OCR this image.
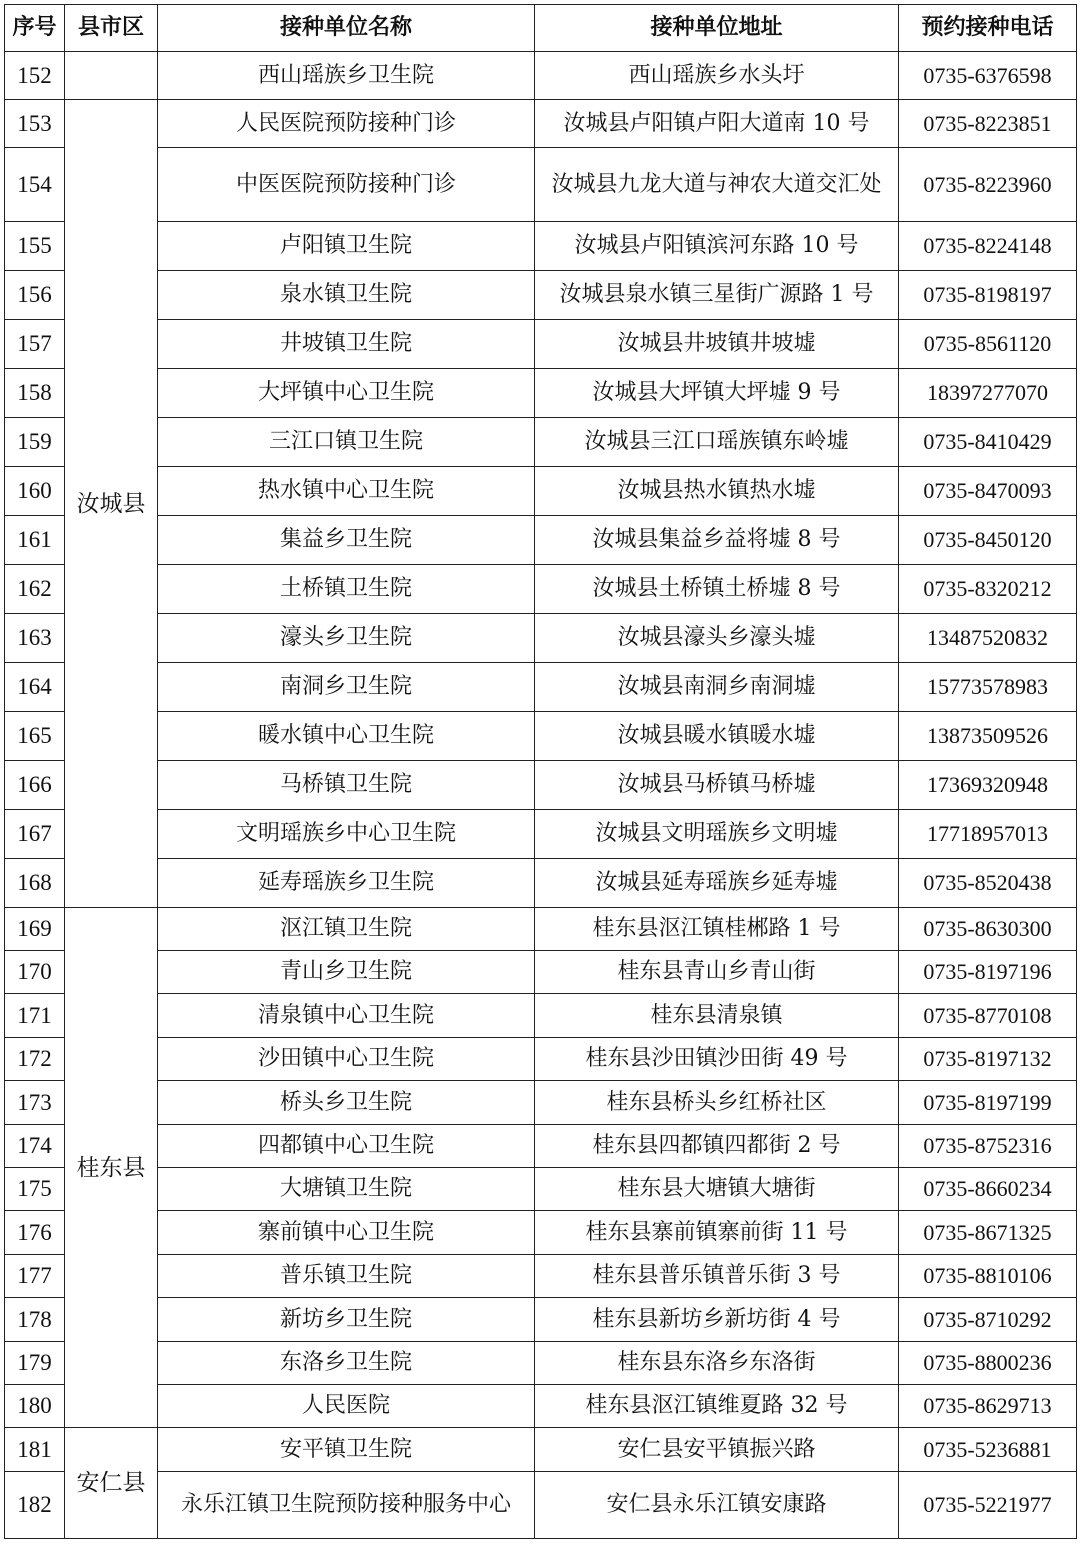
序号	县市区	接种单位名称	接种单位地址	预约接种电话
152		西山瑶族乡卫生院	西山瑶族乡水头圩	0735-6376598
153	汝城县	人民医院预防接种门诊	汝城县卢阳镇卢阳大道南 10 号	0735-8223851
154		中医医院预防接种门诊	汝城县九龙大道与神农大道交汇处	0735-8223960
155		卢阳镇卫生院	汝城县卢阳镇滨河东路 10 号	0735-8224148
156		泉水镇卫生院	汝城县泉水镇三星街广源路 1 号	0735-8198197
157		井坡镇卫生院	汝城县井坡镇井坡墟	0735-8561120
158		大坪镇中心卫生院	汝城县大坪镇大坪墟 9 号	18397277070
159		三江口镇卫生院	汝城县三江口瑶族镇东岭墟	0735-8410429
160		热水镇中心卫生院	汝城县热水镇热水墟	0735-8470093
161		集益乡卫生院	汝城县集益乡益将墟 8 号	0735-8450120
162		土桥镇卫生院	汝城县土桥镇土桥墟 8 号	0735-8320212
163		濠头乡卫生院	汝城县濠头乡濠头墟	13487520832
164		南洞乡卫生院	汝城县南洞乡南洞墟	15773578983
165		暖水镇中心卫生院	汝城县暖水镇暖水墟	13873509526
166		马桥镇卫生院	汝城县马桥镇马桥墟	17369320948
167		文明瑶族乡中心卫生院	汝城县文明瑶族乡文明墟	17718957013
168		延寿瑶族乡卫生院	汝城县延寿瑶族乡延寿墟	0735-8520438
169	桂东县	沤江镇卫生院	桂东县沤江镇桂郴路 1 号	0735-8630300
170		青山乡卫生院	桂东县青山乡青山街	0735-8197196
171		清泉镇中心卫生院	桂东县清泉镇	0735-8770108
172		沙田镇中心卫生院	桂东县沙田镇沙田街 49 号	0735-8197132
173		桥头乡卫生院	桂东县桥头乡红桥社区	0735-8197199
174		四都镇中心卫生院	桂东县四都镇四都街 2 号	0735-8752316
175		大塘镇卫生院	桂东县大塘镇大塘街	0735-8660234
176		寨前镇中心卫生院	桂东县寨前镇寨前街 11 号	0735-8671325
177		普乐镇卫生院	桂东县普乐镇普乐街 3 号	0735-8810106
178		新坊乡卫生院	桂东县新坊乡新坊街 4 号	0735-8710292
179		东洛乡卫生院	桂东县东洛乡东洛街	0735-8800236
180		人民医院	桂东县沤江镇维夏路 32 号	0735-8629713
181	安仁县	安平镇卫生院	安仁县安平镇振兴路	0735-5236881
182		永乐江镇卫生院预防接种服务中心	安仁县永乐江镇安康路	0735-5221977
